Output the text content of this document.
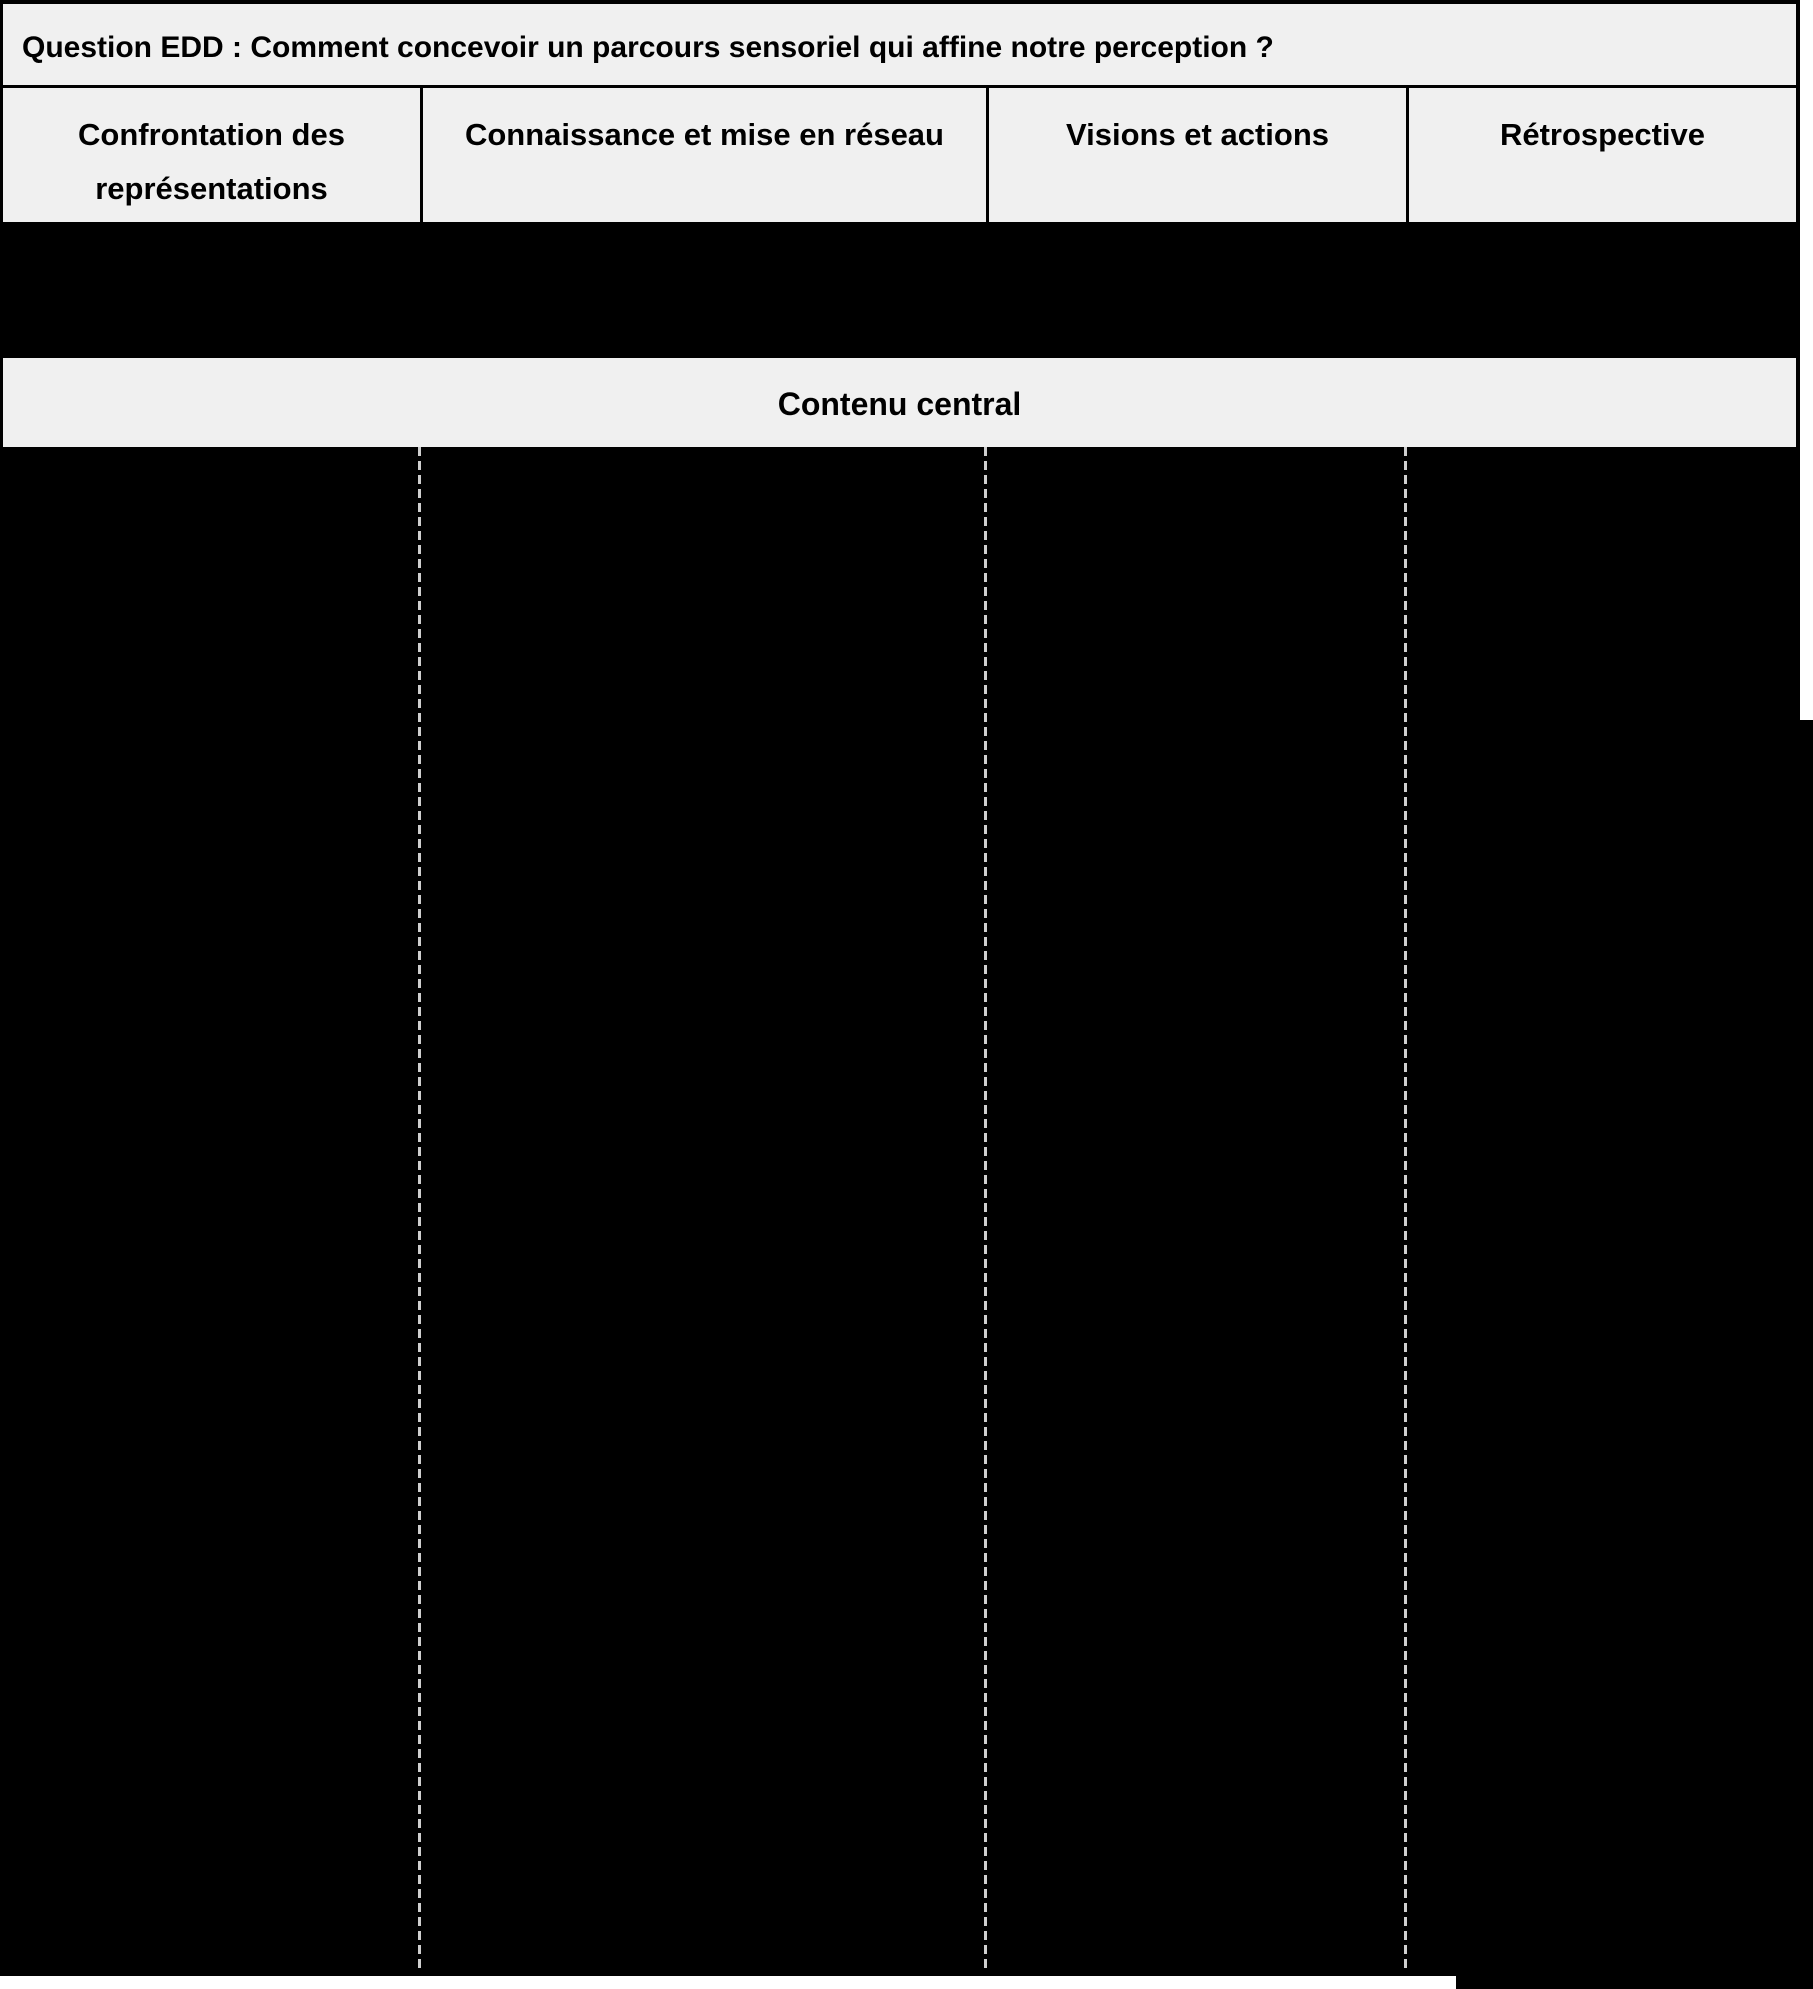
Question EDD : Comment concevoir un parcours sensoriel qui affine notre perception ?
Confrontation des représentations
Connaissance et mise en réseau	Visions et actions	Rétrospective
Contenu central
